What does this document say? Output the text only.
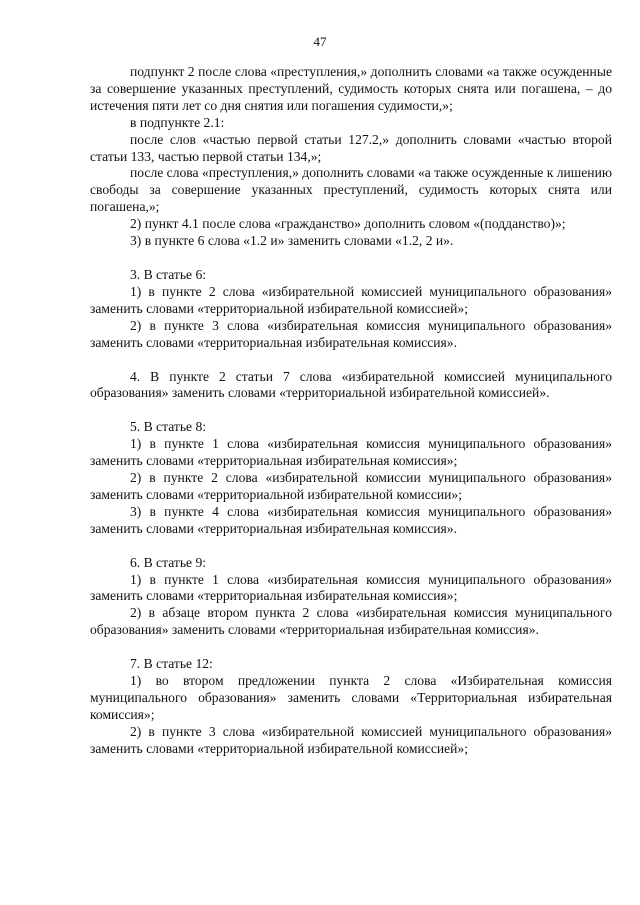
47

подпункт 2 после слова «преступления,» дополнить словами «а также осужденные за совершение указанных преступлений, судимость которых снята или погашена, – до истечения пяти лет со дня снятия или погашения судимости,»;

в подпункте 2.1:

после слов «частью первой статьи 127.2,» дополнить словами «частью второй статьи 133, частью первой статьи 134,»;

после слова «преступления,» дополнить словами «а также осужденные к лишению свободы за совершение указанных преступлений, судимость которых снята или погашена,»;

2) пункт 4.1 после слова «гражданство» дополнить словом «(подданство)»;

3) в пункте 6 слова «1.2 и» заменить словами «1.2, 2 и».

3. В статье 6:

1) в пункте 2 слова «избирательной комиссией муниципального образования» заменить словами «территориальной избирательной комиссией»;

2) в пункте 3 слова «избирательная комиссия муниципального образования» заменить словами «территориальная избирательная комиссия».

4. В пункте 2 статьи 7 слова «избирательной комиссией муниципального образования» заменить словами «территориальной избирательной комиссией».

5. В статье 8:

1) в пункте 1 слова «избирательная комиссия муниципального образования» заменить словами «территориальная избирательная комиссия»;

2) в пункте 2 слова «избирательной комиссии муниципального образования» заменить словами «территориальной избирательной комиссии»;

3) в пункте 4 слова «избирательная комиссия муниципального образования» заменить словами «территориальная избирательная комиссия».

6. В статье 9:

1) в пункте 1 слова «избирательная комиссия муниципального образования» заменить словами «территориальная избирательная комиссия»;

2) в абзаце втором пункта 2 слова «избирательная комиссия муниципального образования» заменить словами «территориальная избирательная комиссия».

7. В статье 12:

1) во втором предложении пункта 2 слова «Избирательная комиссия муниципального образования» заменить словами «Территориальная избирательная комиссия»;

2) в пункте 3 слова «избирательной комиссией муниципального образования» заменить словами «территориальной избирательной комиссией»;
